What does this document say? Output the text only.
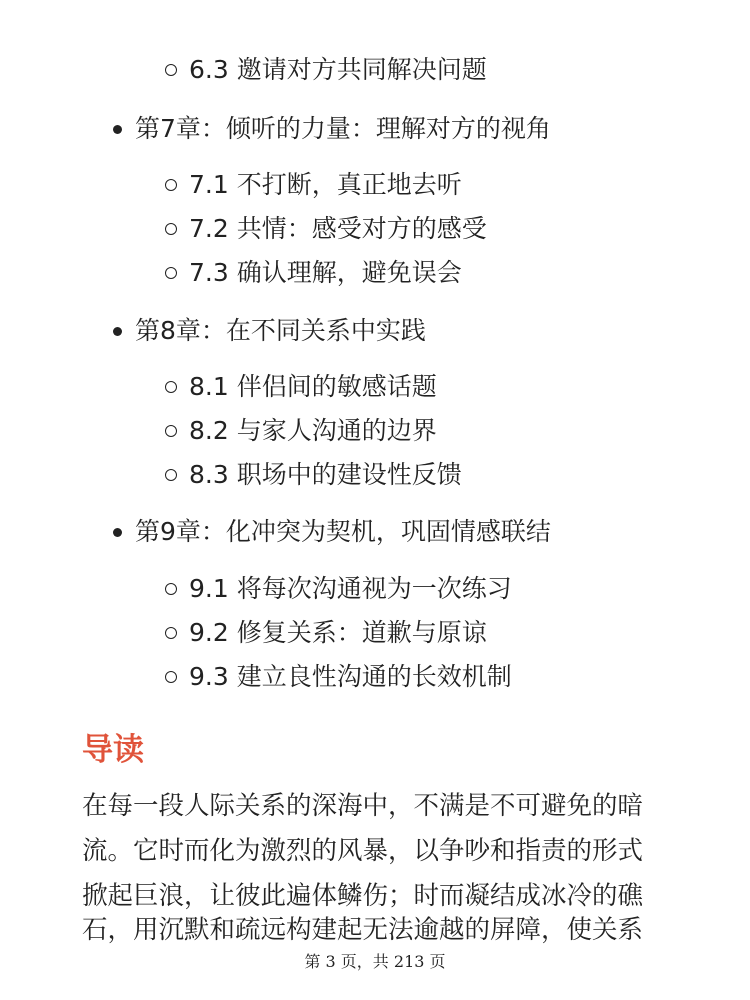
6.3 邀请对方共同解决问题
第7章：倾听的力量：理解对方的视角
7.1 不打断，真正地去听
7.2 共情：感受对方的感受
7.3 确认理解，避免误会
第8章：在不同关系中实践
8.1 伴侣间的敏感话题
8.2 与家人沟通的边界
8.3 职场中的建设性反馈
第9章：化冲突为契机，巩固情感联结
9.1 将每次沟通视为一次练习
9.2 修复关系：道歉与原谅
9.3 建立良性沟通的长效机制
导读
在每一段人际关系的深海中，不满是不可避免的暗
流。它时而化为激烈的风暴，以争吵和指责的形式
掀起巨浪，让彼此遍体鳞伤；时而凝结成冰冷的礁
石，用沉默和疏远构建起无法逾越的屏障，使关系
第 3 页，共 213 页
